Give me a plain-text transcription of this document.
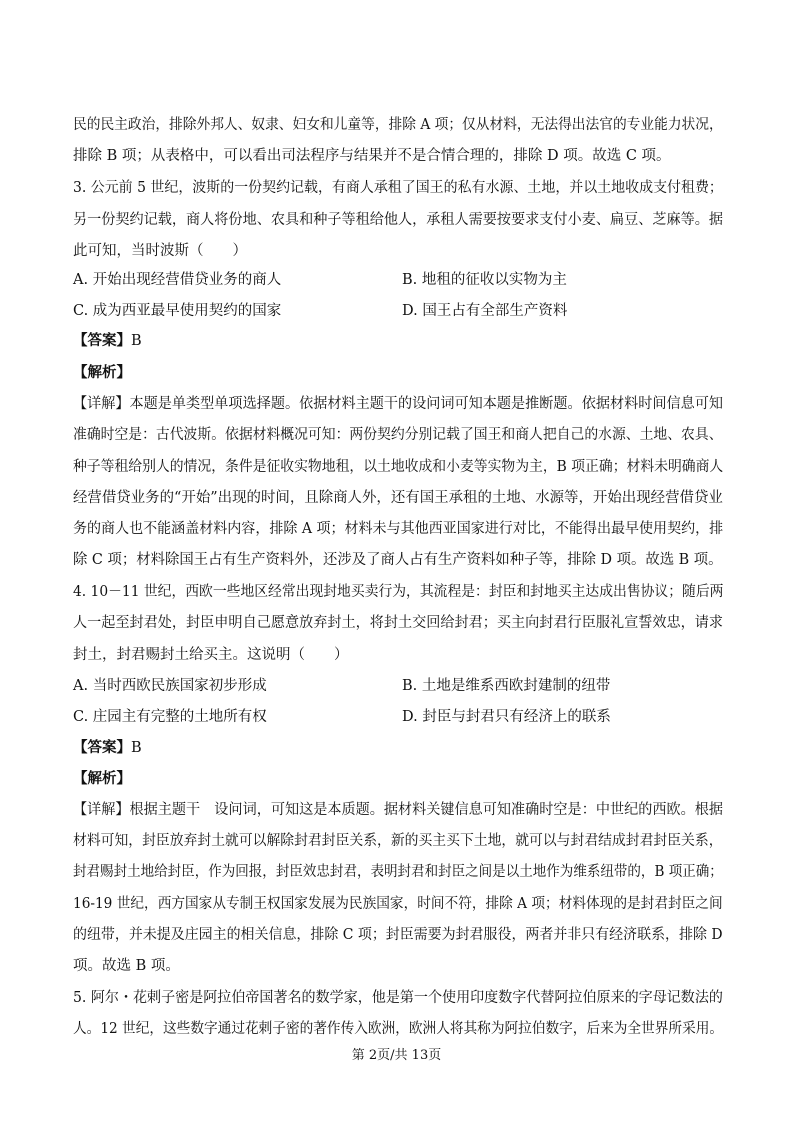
民的民主政治，排除外邦人、奴隶、妇女和儿童等，排除 A 项；仅从材料，无法得出法官的专业能力状况，
排除 B 项；从表格中，可以看出司法程序与结果并不是合情合理的，排除 D 项。故选 C 项。
3. 公元前 5 世纪，波斯的一份契约记载，有商人承租了国王的私有水源、土地，并以土地收成支付租费；
另一份契约记载，商人将份地、农具和种子等租给他人，承租人需要按要求支付小麦、扁豆、芝麻等。据
此可知，当时波斯（　　）
A. 开始出现经营借贷业务的商人	B. 地租的征收以实物为主
C. 成为西亚最早使用契约的国家	D. 国王占有全部生产资料
【答案】B
【解析】
【详解】本题是单类型单项选择题。依据材料主题干的设问词可知本题是推断题。依据材料时间信息可知
准确时空是：古代波斯。依据材料概况可知：两份契约分别记载了国王和商人把自己的水源、土地、农具、
种子等租给别人的情况，条件是征收实物地租，以土地收成和小麦等实物为主，B 项正确；材料未明确商人
经营借贷业务的“开始”出现的时间，且除商人外，还有国王承租的土地、水源等，开始出现经营借贷业
务的商人也不能涵盖材料内容，排除 A 项；材料未与其他西亚国家进行对比，不能得出最早使用契约，排
除 C 项；材料除国王占有生产资料外，还涉及了商人占有生产资料如种子等，排除 D 项。故选 B 项。
4. 10－11 世纪，西欧一些地区经常出现封地买卖行为，其流程是：封臣和封地买主达成出售协议；随后两
人一起至封君处，封臣申明自己愿意放弃封土，将封土交回给封君；买主向封君行臣服礼宣誓效忠，请求
封土，封君赐封土给买主。这说明（　　）
A. 当时西欧民族国家初步形成	B. 土地是维系西欧封建制的纽带
C. 庄园主有完整的土地所有权	D. 封臣与封君只有经济上的联系
【答案】B
【解析】
【详解】根据主题干　设问词，可知这是本质题。据材料关键信息可知准确时空是：中世纪的西欧。根据
材料可知，封臣放弃封土就可以解除封君封臣关系，新的买主买下土地，就可以与封君结成封君封臣关系，
封君赐封土地给封臣，作为回报，封臣效忠封君，表明封君和封臣之间是以土地作为维系纽带的，B 项正确；
16-19 世纪，西方国家从专制王权国家发展为民族国家，时间不符，排除 A 项；材料体现的是封君封臣之间
的纽带，并未提及庄园主的相关信息，排除 C 项；封臣需要为封君服役，两者并非只有经济联系，排除 D
项。故选 B 项。
5. 阿尔・花剌子密是阿拉伯帝国著名的数学家，他是第一个使用印度数字代替阿拉伯原来的字母记数法的
人。12 世纪，这些数字通过花剌子密的著作传入欧洲，欧洲人将其称为阿拉伯数字，后来为全世界所采用。
第 2页/共 13页
